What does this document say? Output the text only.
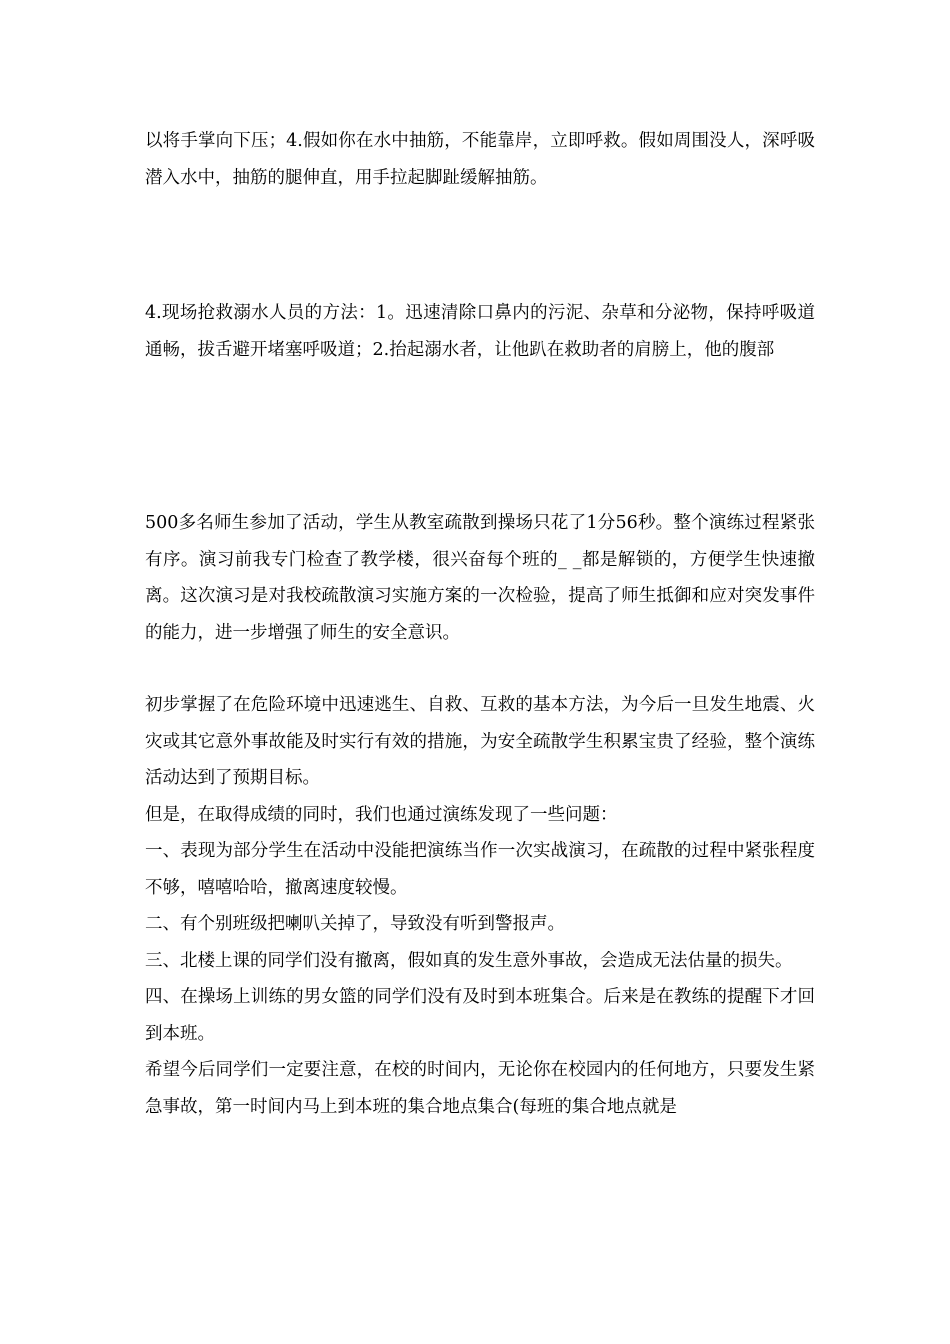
以将手掌向下压；4.假如你在水中抽筋，不能靠岸，立即呼救。假如周围没人，深呼吸潜入水中，抽筋的腿伸直，用手拉起脚趾缓解抽筋。

4.现场抢救溺水人员的方法：1。迅速清除口鼻内的污泥、杂草和分泌物，保持呼吸道通畅，拔舌避开堵塞呼吸道；2.抬起溺水者，让他趴在救助者的肩膀上，他的腹部

500多名师生参加了活动，学生从教室疏散到操场只花了1分56秒。整个演练过程紧张有序。演习前我专门检查了教学楼，很兴奋每个班的_ _都是解锁的，方便学生快速撤离。这次演习是对我校疏散演习实施方案的一次检验，提高了师生抵御和应对突发事件的能力，进一步增强了师生的安全意识。

初步掌握了在危险环境中迅速逃生、自救、互救的基本方法，为今后一旦发生地震、火灾或其它意外事故能及时实行有效的措施，为安全疏散学生积累宝贵了经验，整个演练活动达到了预期目标。

但是，在取得成绩的同时，我们也通过演练发现了一些问题：

一、表现为部分学生在活动中没能把演练当作一次实战演习，在疏散的过程中紧张程度不够，嘻嘻哈哈，撤离速度较慢。

二、有个别班级把喇叭关掉了，导致没有听到警报声。

三、北楼上课的同学们没有撤离，假如真的发生意外事故，会造成无法估量的损失。

四、在操场上训练的男女篮的同学们没有及时到本班集合。后来是在教练的提醒下才回到本班。

希望今后同学们一定要注意，在校的时间内，无论你在校园内的任何地方，只要发生紧急事故，第一时间内马上到本班的集合地点集合(每班的集合地点就是
